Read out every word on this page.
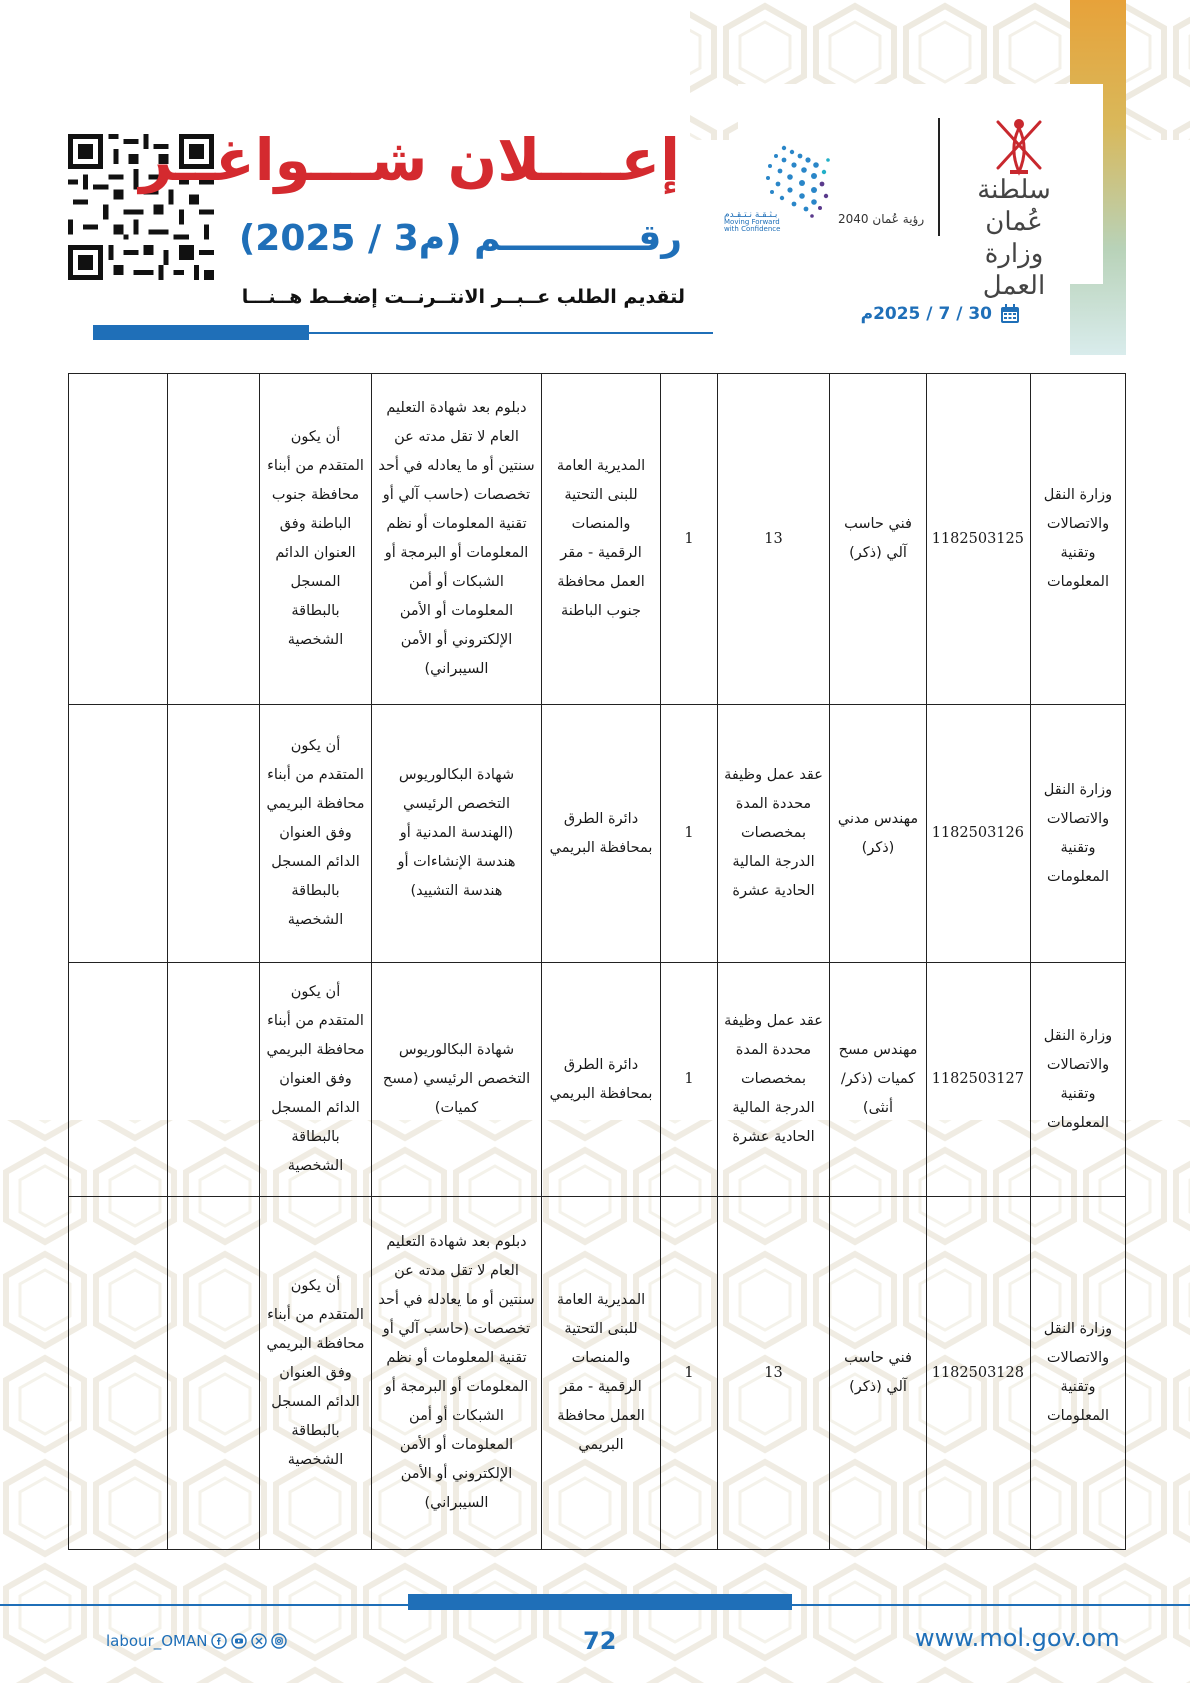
إعــــلان شـــواغــر
رقـــــــــــم (م3 / 2025)
لتقديم الطلب عــبــر الانتــرنــت إضغــط هــنـــا
30 / 7 / 2025م
رؤية عُمان 2040
بـثـقـة نـتـقـدم
Moving Forward
with Confidence
سلطنة عُمان
وزارة العمل
وزارة النقل والاتصالات وتقنية المعلومات	1182503125	فني حاسب آلي (ذكر)	13	1	المديرية العامة للبنى التحتية والمنصات الرقمية - مقر العمل محافظة جنوب الباطنة	دبلوم بعد شهادة التعليم العام لا تقل مدته عن سنتين أو ما يعادله في أحد تخصصات (حاسب آلي أو تقنية المعلومات أو نظم المعلومات أو البرمجة أو الشبكات أو أمن المعلومات أو الأمن الإلكتروني أو الأمن السيبراني)	أن يكون المتقدم من أبناء محافظة جنوب الباطنة وفق العنوان الدائم المسجل بالبطاقة الشخصية		
وزارة النقل والاتصالات وتقنية المعلومات	1182503126	مهندس مدني (ذكر)	عقد عمل وظيفة محددة المدة بمخصصات الدرجة المالية الحادية عشرة	1	دائرة الطرق بمحافظة البريمي	شهادة البكالوريوس التخصص الرئيسي (الهندسة المدنية أو هندسة الإنشاءات أو هندسة التشييد)	أن يكون المتقدم من أبناء محافظة البريمي وفق العنوان الدائم المسجل بالبطاقة الشخصية		
وزارة النقل والاتصالات وتقنية المعلومات	1182503127	مهندس مسح كميات (ذكر/أنثى)	عقد عمل وظيفة محددة المدة بمخصصات الدرجة المالية الحادية عشرة	1	دائرة الطرق بمحافظة البريمي	شهادة البكالوريوس التخصص الرئيسي (مسح كميات)	أن يكون المتقدم من أبناء محافظة البريمي وفق العنوان الدائم المسجل بالبطاقة الشخصية		
وزارة النقل والاتصالات وتقنية المعلومات	1182503128	فني حاسب آلي (ذكر)	13	1	المديرية العامة للبنى التحتية والمنصات الرقمية - مقر العمل محافظة البريمي	دبلوم بعد شهادة التعليم العام لا تقل مدته عن سنتين أو ما يعادله في أحد تخصصات (حاسب آلي أو تقنية المعلومات أو نظم المعلومات أو البرمجة أو الشبكات أو أمن المعلومات أو الأمن الإلكتروني أو الأمن السيبراني)	أن يكون المتقدم من أبناء محافظة البريمي وفق العنوان الدائم المسجل بالبطاقة الشخصية		
labour_OMAN	72	www.mol.gov.om
